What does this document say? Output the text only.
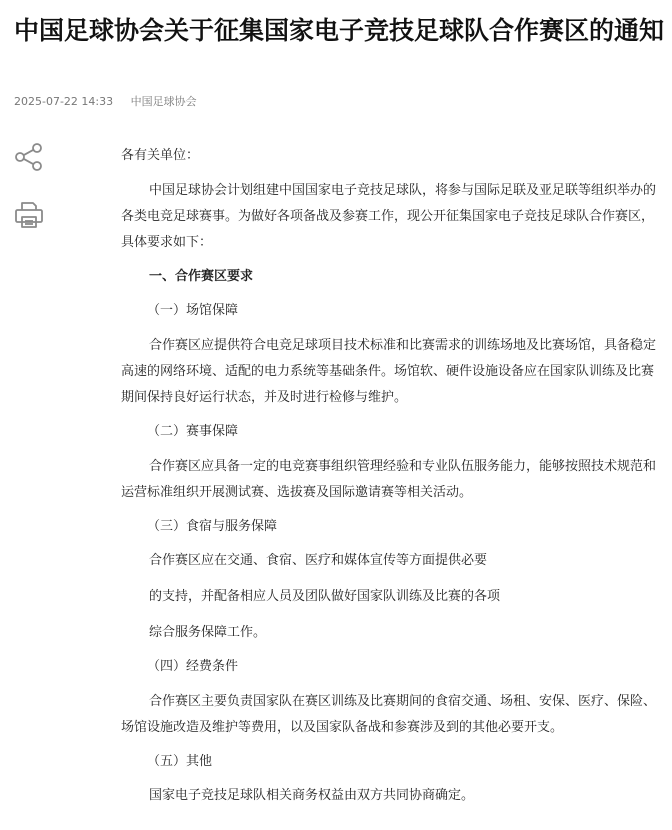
中国足球协会关于征集国家电子竞技足球队合作赛区的通知
2025-07-22 14:33 中国足球协会

各有关单位：

中国足球协会计划组建中国国家电子竞技足球队，将参与国际足联及亚足联等组织举办的各类电竞足球赛事。为做好各项备战及参赛工作，现公开征集国家电子竞技足球队合作赛区，具体要求如下：

一、合作赛区要求

（一）场馆保障

合作赛区应提供符合电竞足球项目技术标准和比赛需求的训练场地及比赛场馆，具备稳定高速的网络环境、适配的电力系统等基础条件。场馆软、硬件设施设备应在国家队训练及比赛期间保持良好运行状态，并及时进行检修与维护。

（二）赛事保障

合作赛区应具备一定的电竞赛事组织管理经验和专业队伍服务能力，能够按照技术规范和运营标准组织开展测试赛、选拔赛及国际邀请赛等相关活动。

（三）食宿与服务保障

合作赛区应在交通、食宿、医疗和媒体宣传等方面提供必要

的支持，并配备相应人员及团队做好国家队训练及比赛的各项

综合服务保障工作。

（四）经费条件

合作赛区主要负责国家队在赛区训练及比赛期间的食宿交通、场租、安保、医疗、保险、场馆设施改造及维护等费用，以及国家队备战和参赛涉及到的其他必要开支。

（五）其他

国家电子竞技足球队相关商务权益由双方共同协商确定。
